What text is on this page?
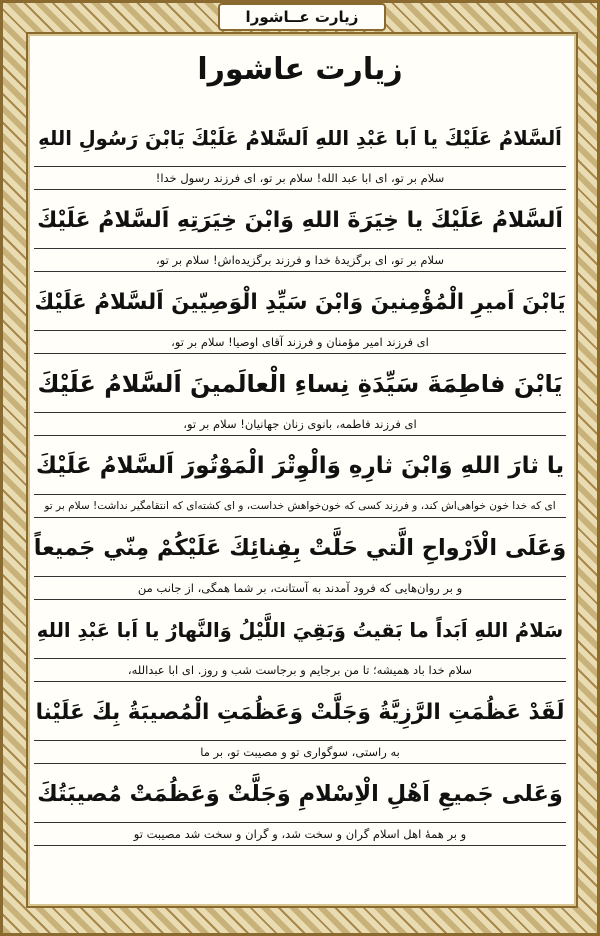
زیارت عــاشورا
زيارت عاشورا
اَلسَّلامُ عَلَيْكَ يا اَبا عَبْدِ اللهِ اَلسَّلامُ عَلَيْكَ يَابْنَ رَسُولِ اللهِ
سلام بر تو، ای ابا عبد الله! سلام بر تو، ای فرزند رسول خدا!
اَلسَّلامُ عَلَيْكَ يا خِيَرَةَ اللهِ وَابْنَ خِيَرَتِهِ اَلسَّلامُ عَلَيْكَ
سلام بر تو، ای برگزیدهٔ خدا و فرزند برگزیده‌اش! سلام بر تو،
يَابْنَ اَميرِ الْمُؤْمِنينَ وَابْنَ سَيِّدِ الْوَصِيّينَ اَلسَّلامُ عَلَيْكَ
ای فرزند امیر مؤمنان و فرزند آقای اوصیا! سلام بر تو،
يَابْنَ فاطِمَةَ سَيِّدَةِ نِساءِ الْعالَمينَ اَلسَّلامُ عَلَيْكَ
ای فرزند فاطمه، بانوی زنان جهانیان! سلام بر تو،
يا ثارَ اللهِ وَابْنَ ثارِهِ وَالْوِتْرَ الْمَوْتُورَ اَلسَّلامُ عَلَيْكَ
ای که خدا خون خواهی‌اش کند، و فرزند کسی که خون‌خواهش خداست، و ای کشته‌ای که انتقامگیر نداشت! سلام بر تو
وَعَلَى الْاَرْواحِ الَّتي حَلَّتْ بِفِنائِكَ عَلَيْكُمْ مِنّي جَميعاً
و بر روان‌هایی که فرود آمدند به آستانت، بر شما همگی، از جانب من
سَلامُ اللهِ اَبَداً ما بَقيتُ وَبَقِيَ اللَّيْلُ وَالنَّهارُ يا اَبا عَبْدِ اللهِ
سلام خدا باد همیشه؛ تا من برجایم و برجاست شب و روز. ای ابا عبدالله،
لَقَدْ عَظُمَتِ الرَّزِيَّةُ وَجَلَّتْ وَعَظُمَتِ الْمُصيبَةُ بِكَ عَلَيْنا
به راستی، سوگواری تو و مصیبت تو، بر ما
وَعَلى جَميعِ اَهْلِ الْاِسْلامِ وَجَلَّتْ وَعَظُمَتْ مُصيبَتُكَ
و بر همهٔ اهل اسلام گران و سخت شد، و گران و سخت شد مصیبت تو
